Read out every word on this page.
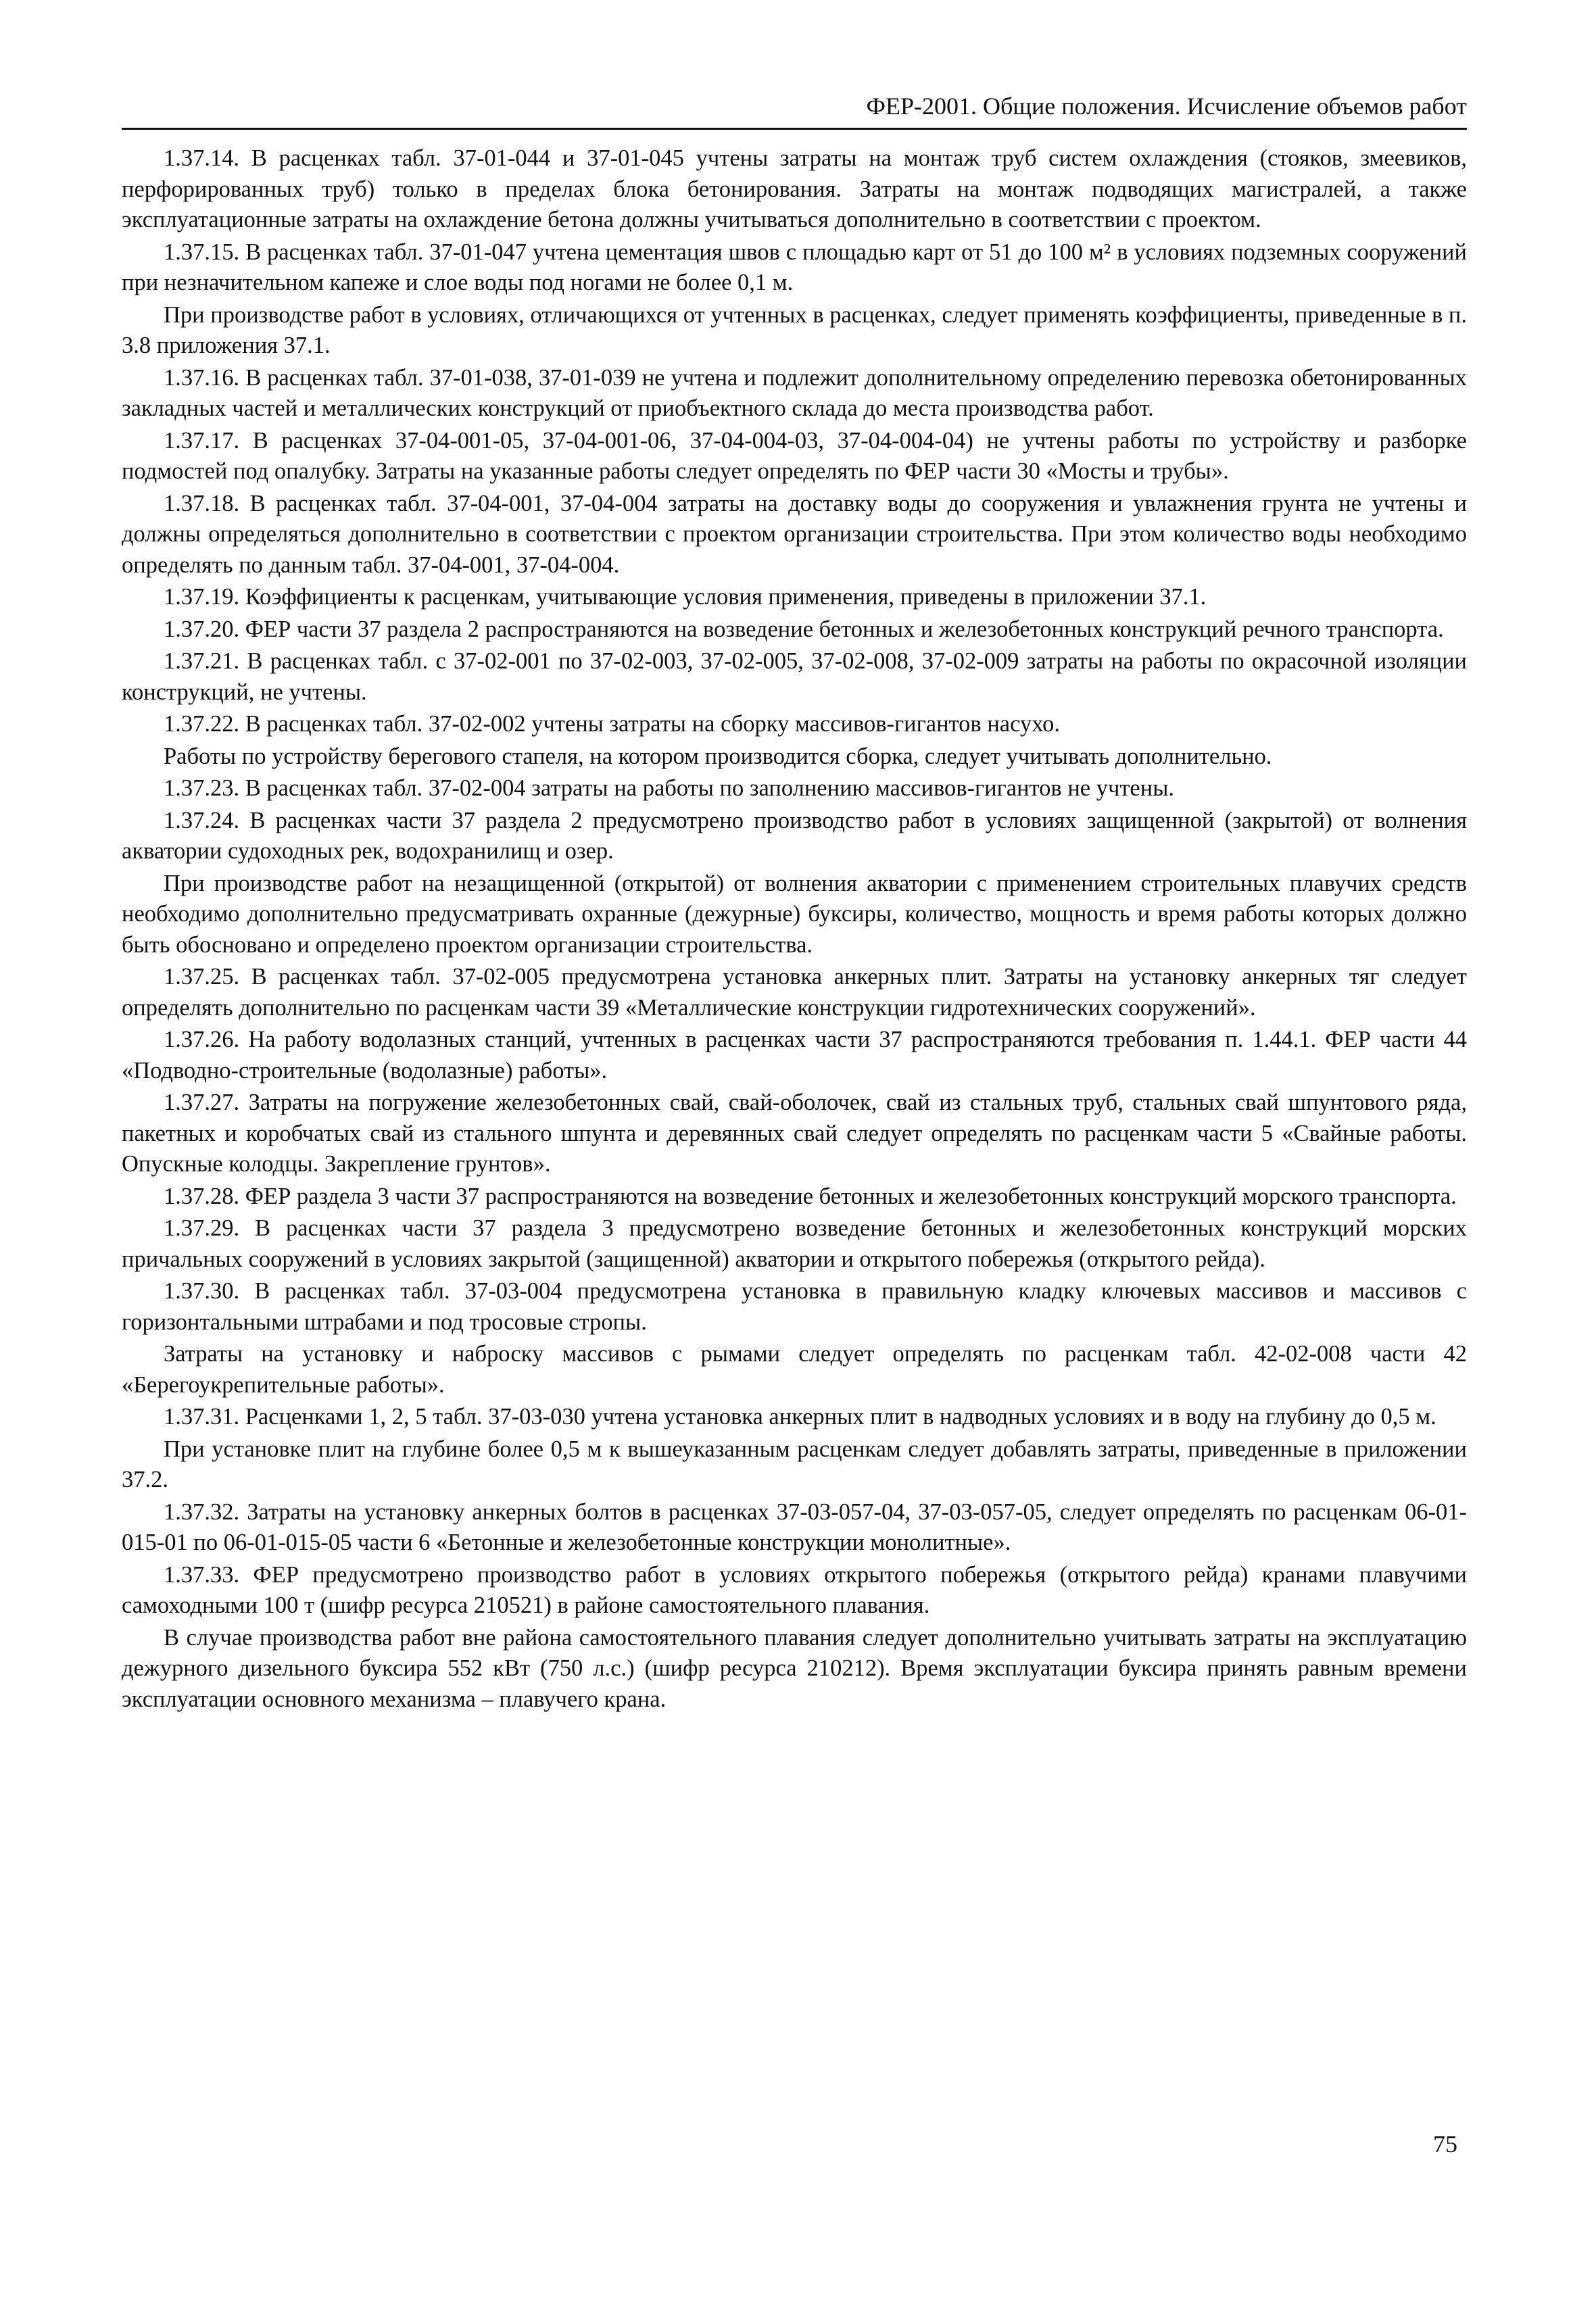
ФЕР-2001. Общие положения. Исчисление объемов работ

1.37.14. В расценках табл. 37-01-044 и 37-01-045 учтены затраты на монтаж труб систем охлаждения (стояков, змеевиков, перфорированных труб) только в пределах блока бетонирования. Затраты на монтаж подводящих магистралей, а также эксплуатационные затраты на охлаждение бетона должны учитываться дополнительно в соответствии с проектом.

1.37.15. В расценках табл. 37-01-047 учтена цементация швов с площадью карт от 51 до 100 м² в условиях подземных сооружений при незначительном капеже и слое воды под ногами не более 0,1 м.

При производстве работ в условиях, отличающихся от учтенных в расценках, следует применять коэффициенты, приведенные в п. 3.8 приложения 37.1.

1.37.16. В расценках табл. 37-01-038, 37-01-039 не учтена и подлежит дополнительному определению перевозка обетонированных закладных частей и металлических конструкций от приобъектного склада до места производства работ.

1.37.17. В расценках 37-04-001-05, 37-04-001-06, 37-04-004-03, 37-04-004-04) не учтены работы по устройству и разборке подмостей под опалубку. Затраты на указанные работы следует определять по ФЕР части 30 «Мосты и трубы».

1.37.18. В расценках табл. 37-04-001, 37-04-004 затраты на доставку воды до сооружения и увлажнения грунта не учтены и должны определяться дополнительно в соответствии с проектом организации строительства. При этом количество воды необходимо определять по данным табл. 37-04-001, 37-04-004.

1.37.19. Коэффициенты к расценкам, учитывающие условия применения, приведены в приложении 37.1.

1.37.20. ФЕР части 37 раздела 2 распространяются на возведение бетонных и железобетонных конструкций речного транспорта.

1.37.21. В расценках табл. с 37-02-001 по 37-02-003, 37-02-005, 37-02-008, 37-02-009 затраты на работы по окрасочной изоляции конструкций, не учтены.

1.37.22. В расценках табл. 37-02-002 учтены затраты на сборку массивов-гигантов насухо.

Работы по устройству берегового стапеля, на котором производится сборка, следует учитывать дополнительно.

1.37.23. В расценках табл. 37-02-004 затраты на работы по заполнению массивов-гигантов не учтены.

1.37.24. В расценках части 37 раздела 2 предусмотрено производство работ в условиях защищенной (закрытой) от волнения акватории судоходных рек, водохранилищ и озер.

При производстве работ на незащищенной (открытой) от волнения акватории с применением строительных плавучих средств необходимо дополнительно предусматривать охранные (дежурные) буксиры, количество, мощность и время работы которых должно быть обосновано и определено проектом организации строительства.

1.37.25. В расценках табл. 37-02-005 предусмотрена установка анкерных плит. Затраты на установку анкерных тяг следует определять дополнительно по расценкам части 39 «Металлические конструкции гидротехнических сооружений».

1.37.26. На работу водолазных станций, учтенных в расценках части 37 распространяются требования п. 1.44.1. ФЕР части 44 «Подводно-строительные (водолазные) работы».

1.37.27. Затраты на погружение железобетонных свай, свай-оболочек, свай из стальных труб, стальных свай шпунтового ряда, пакетных и коробчатых свай из стального шпунта и деревянных свай следует определять по расценкам части 5 «Свайные работы. Опускные колодцы. Закрепление грунтов».

1.37.28. ФЕР раздела 3 части 37 распространяются на возведение бетонных и железобетонных конструкций морского транспорта.

1.37.29. В расценках части 37 раздела 3 предусмотрено возведение бетонных и железобетонных конструкций морских причальных сооружений в условиях закрытой (защищенной) акватории и открытого побережья (открытого рейда).

1.37.30. В расценках табл. 37-03-004 предусмотрена установка в правильную кладку ключевых массивов и массивов с горизонтальными штрабами и под тросовые стропы.

Затраты на установку и наброску массивов с рымами следует определять по расценкам табл. 42-02-008 части 42 «Берегоукрепительные работы».

1.37.31. Расценками 1, 2, 5 табл. 37-03-030 учтена установка анкерных плит в надводных условиях и в воду на глубину до 0,5 м.

При установке плит на глубине более 0,5 м к вышеуказанным расценкам следует добавлять затраты, приведенные в приложении 37.2.

1.37.32. Затраты на установку анкерных болтов в расценках 37-03-057-04, 37-03-057-05, следует определять по расценкам 06-01-015-01 по 06-01-015-05 части 6 «Бетонные и железобетонные конструкции монолитные».

1.37.33. ФЕР предусмотрено производство работ в условиях открытого побережья (открытого рейда) кранами плавучими самоходными 100 т (шифр ресурса 210521) в районе самостоятельного плавания.

В случае производства работ вне района самостоятельного плавания следует дополнительно учитывать затраты на эксплуатацию дежурного дизельного буксира 552 кВт (750 л.с.) (шифр ресурса 210212). Время эксплуатации буксира принять равным времени эксплуатации основного механизма – плавучего крана.

75
